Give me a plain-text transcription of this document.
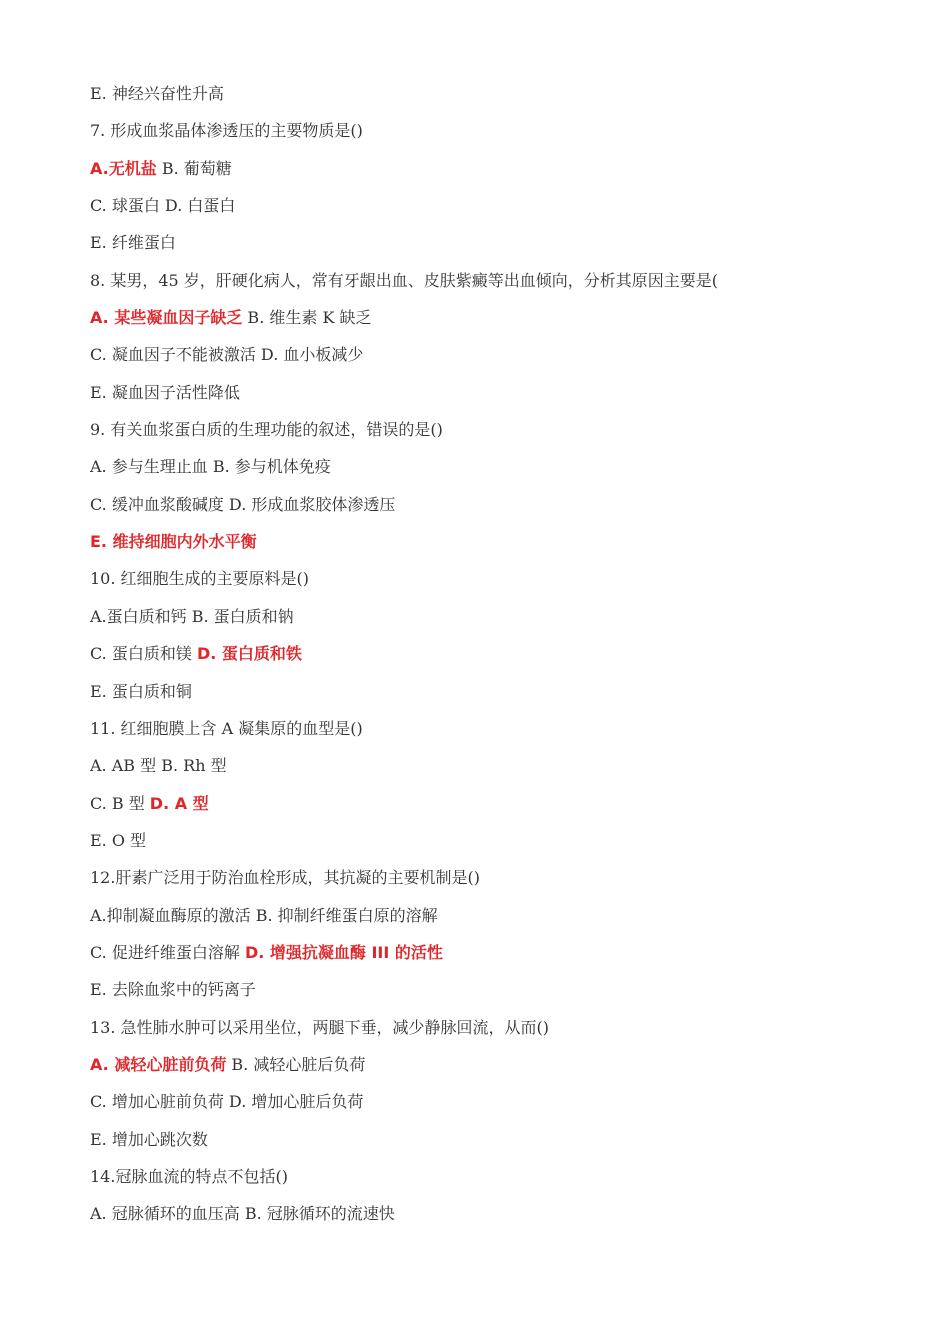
E. 神经兴奋性升高
7. 形成血浆晶体渗透压的主要物质是()
A.无机盐 B. 葡萄糖
C. 球蛋白 D. 白蛋白
E. 纤维蛋白
8. 某男，45 岁，肝硬化病人，常有牙龈出血、皮肤紫癜等出血倾向，分析其原因主要是(
A. 某些凝血因子缺乏 B. 维生素 K 缺乏
C. 凝血因子不能被激活 D. 血小板减少
E. 凝血因子活性降低
9. 有关血浆蛋白质的生理功能的叙述，错误的是()
A. 参与生理止血 B. 参与机体免疫
C. 缓冲血浆酸碱度 D. 形成血浆胶体渗透压
E. 维持细胞内外水平衡
10. 红细胞生成的主要原料是()
A.蛋白质和钙 B. 蛋白质和钠
C. 蛋白质和镁 D. 蛋白质和铁
E. 蛋白质和铜
11. 红细胞膜上含 A 凝集原的血型是()
A. AB 型 B. Rh 型
C. B 型 D. A 型
E. O 型
12.肝素广泛用于防治血栓形成，其抗凝的主要机制是()
A.抑制凝血酶原的激活 B. 抑制纤维蛋白原的溶解
C. 促进纤维蛋白溶解 D. 增强抗凝血酶 III 的活性
E. 去除血浆中的钙离子
13. 急性肺水肿可以采用坐位，两腿下垂，减少静脉回流，从而()
A. 减轻心脏前负荷 B. 减轻心脏后负荷
C. 增加心脏前负荷 D. 增加心脏后负荷
E. 增加心跳次数
14.冠脉血流的特点不包括()
A. 冠脉循环的血压高 B. 冠脉循环的流速快
